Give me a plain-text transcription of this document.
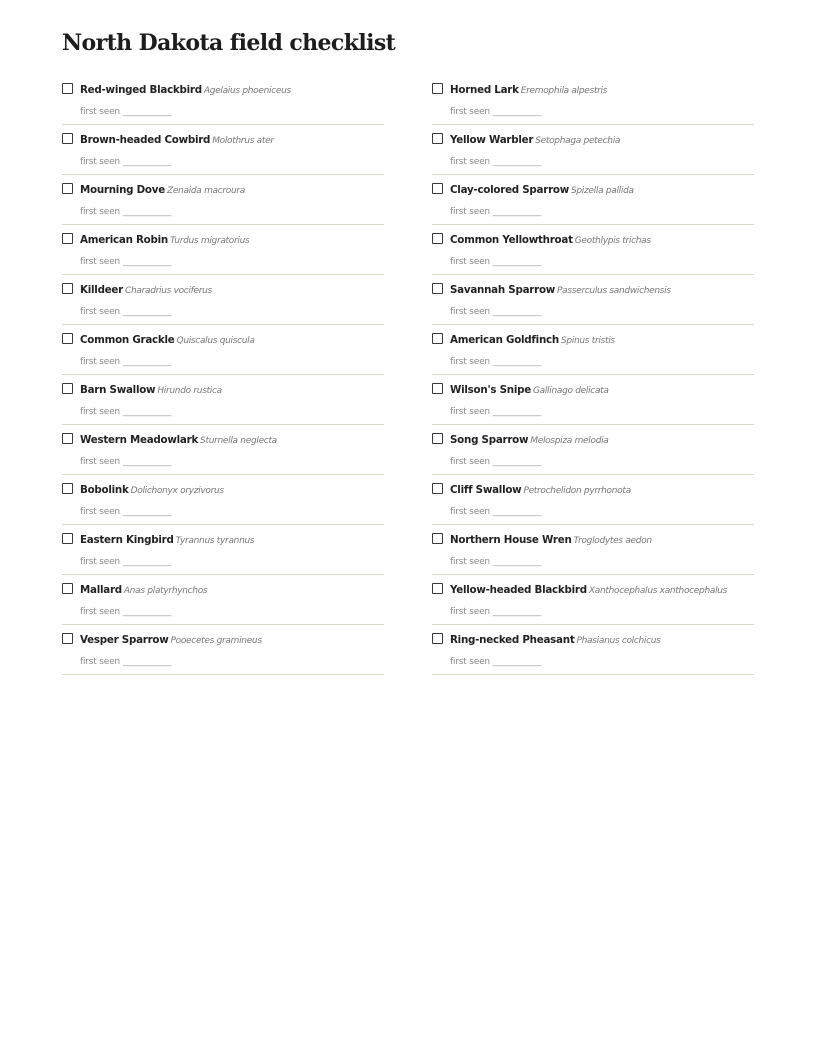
North Dakota field checklist
Red-winged Blackbird Agelaius phoeniceus
first seen ____________
Brown-headed Cowbird Molothrus ater
first seen ____________
Mourning Dove Zenaida macroura
first seen ____________
American Robin Turdus migratorius
first seen ____________
Killdeer Charadrius vociferus
first seen ____________
Common Grackle Quiscalus quiscula
first seen ____________
Barn Swallow Hirundo rustica
first seen ____________
Western Meadowlark Sturnella neglecta
first seen ____________
Bobolink Dolichonyx oryzivorus
first seen ____________
Eastern Kingbird Tyrannus tyrannus
first seen ____________
Mallard Anas platyrhynchos
first seen ____________
Vesper Sparrow Pooecetes gramineus
first seen ____________
Horned Lark Eremophila alpestris
first seen ____________
Yellow Warbler Setophaga petechia
first seen ____________
Clay-colored Sparrow Spizella pallida
first seen ____________
Common Yellowthroat Geothlypis trichas
first seen ____________
Savannah Sparrow Passerculus sandwichensis
first seen ____________
American Goldfinch Spinus tristis
first seen ____________
Wilson's Snipe Gallinago delicata
first seen ____________
Song Sparrow Melospiza melodia
first seen ____________
Cliff Swallow Petrochelidon pyrrhonota
first seen ____________
Northern House Wren Troglodytes aedon
first seen ____________
Yellow-headed Blackbird Xanthocephalus xanthocephalus
first seen ____________
Ring-necked Pheasant Phasianus colchicus
first seen ____________
